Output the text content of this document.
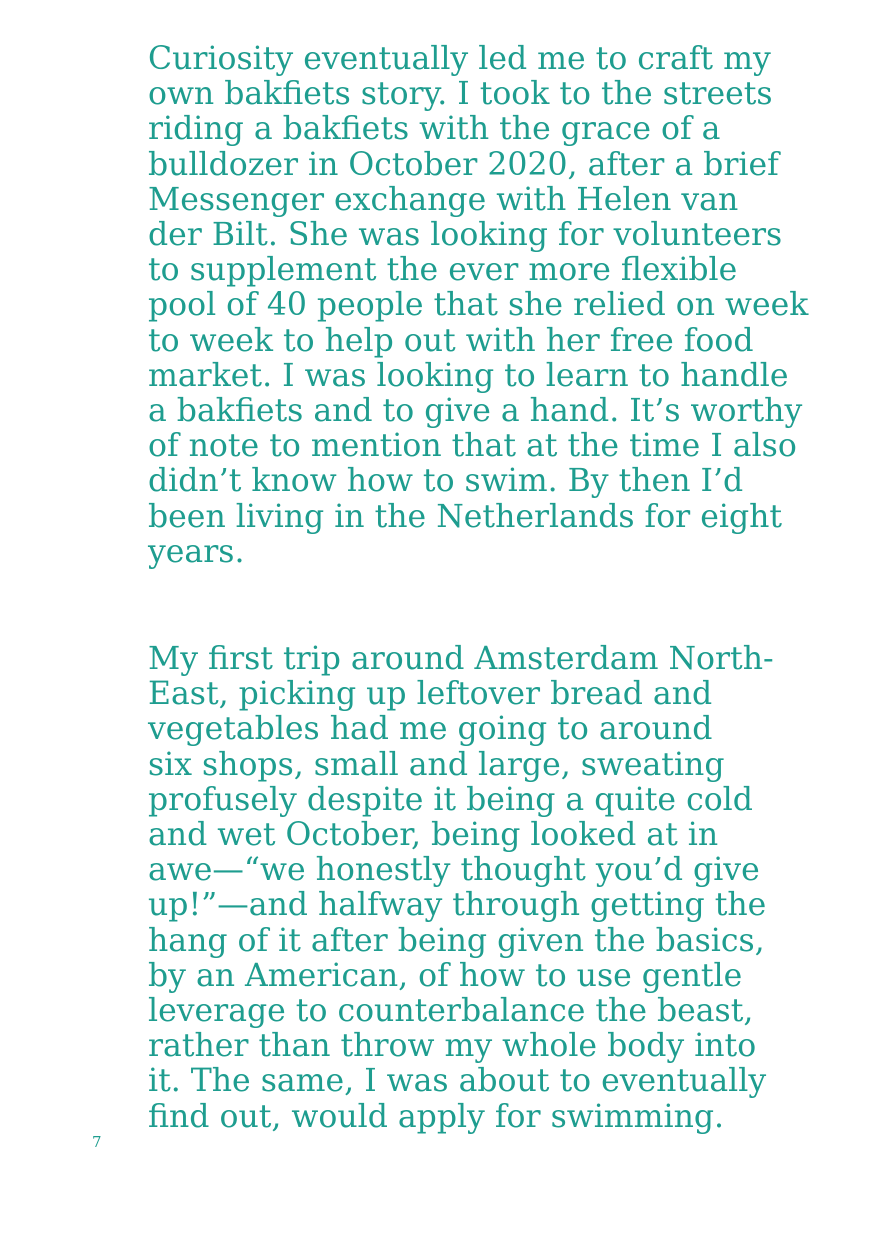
Curiosity eventually led me to craft my
own bakfiets story. I took to the streets
riding a bakfiets with the grace of a
bulldozer in October 2020, after a brief
Messenger exchange with Helen van
der Bilt. She was looking for volunteers
to supplement the ever more flexible
pool of 40 people that she relied on week
to week to help out with her free food
market. I was looking to learn to handle
a bakfiets and to give a hand. It’s worthy
of note to mention that at the time I also
didn’t know how to swim. By then I’d
been living in the Netherlands for eight
years.

My first trip around Amsterdam North-
East, picking up leftover bread and
vegetables had me going to around
six shops, small and large, sweating
profusely despite it being a quite cold
and wet October, being looked at in
awe—“we honestly thought you’d give
up!”—and halfway through getting the
hang of it after being given the basics,
by an American, of how to use gentle
leverage to counterbalance the beast,
rather than throw my whole body into
it. The same, I was about to eventually
find out, would apply for swimming.

7
